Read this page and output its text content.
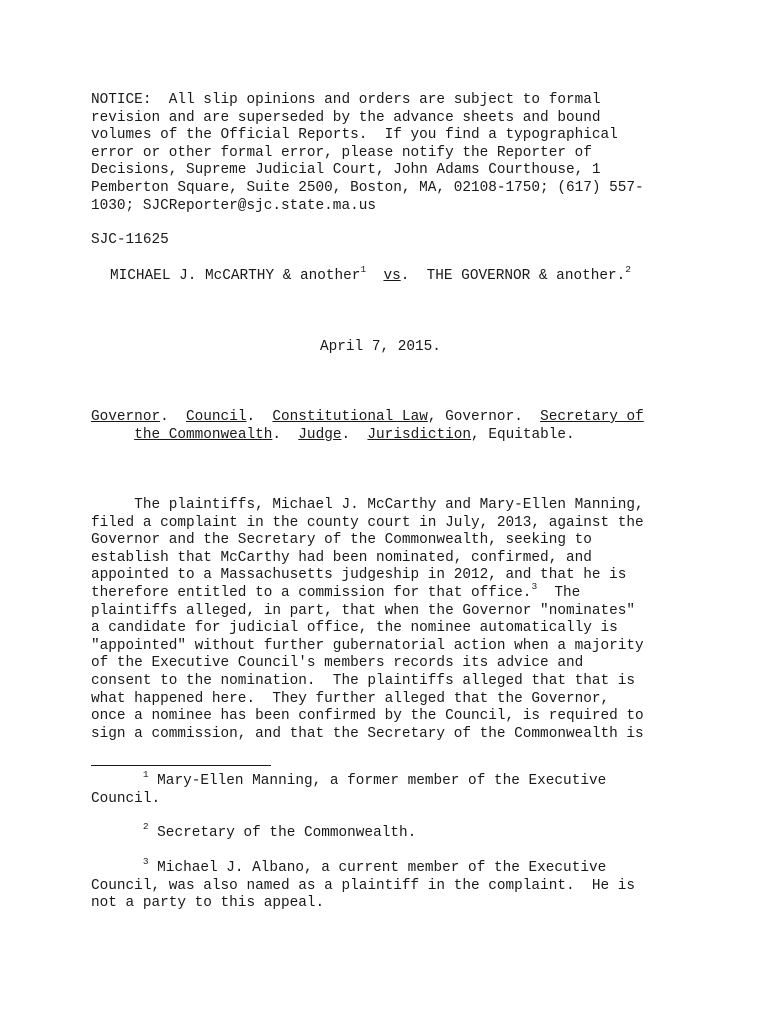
NOTICE:  All slip opinions and orders are subject to formal
revision and are superseded by the advance sheets and bound
volumes of the Official Reports.  If you find a typographical
error or other formal error, please notify the Reporter of
Decisions, Supreme Judicial Court, John Adams Courthouse, 1
Pemberton Square, Suite 2500, Boston, MA, 02108-1750; (617) 557-
1030; SJCReporter@sjc.state.ma.us
SJC-11625
MICHAEL J. McCARTHY & another$^1$ vs.  THE GOVERNOR & another.$^2$
April 7, 2015.
Governor.  Council.  Constitutional Law, Governor. Secretary of
the Commonwealth.  Judge.  Jurisdiction, Equitable.
The plaintiffs, Michael J. McCarthy and Mary-Ellen Manning,
filed a complaint in the county court in July, 2013, against the
Governor and the Secretary of the Commonwealth, seeking to
establish that McCarthy had been nominated, confirmed, and
appointed to a Massachusetts judgeship in 2012, and that he is
therefore entitled to a commission for that office.$^3$  The
plaintiffs alleged, in part, that when the Governor "nominates"
a candidate for judicial office, the nominee automatically is
"appointed" without further gubernatorial action when a majority
of the Executive Council's members records its advice and
consent to the nomination.  The plaintiffs alleged that that is
what happened here.  They further alleged that the Governor,
once a nominee has been confirmed by the Council, is required to
sign a commission, and that the Secretary of the Commonwealth is
$^1$ Mary-Ellen Manning, a former member of the Executive
Council.
$^2$ Secretary of the Commonwealth.
$^3$ Michael J. Albano, a current member of the Executive
Council, was also named as a plaintiff in the complaint.  He is
not a party to this appeal.
